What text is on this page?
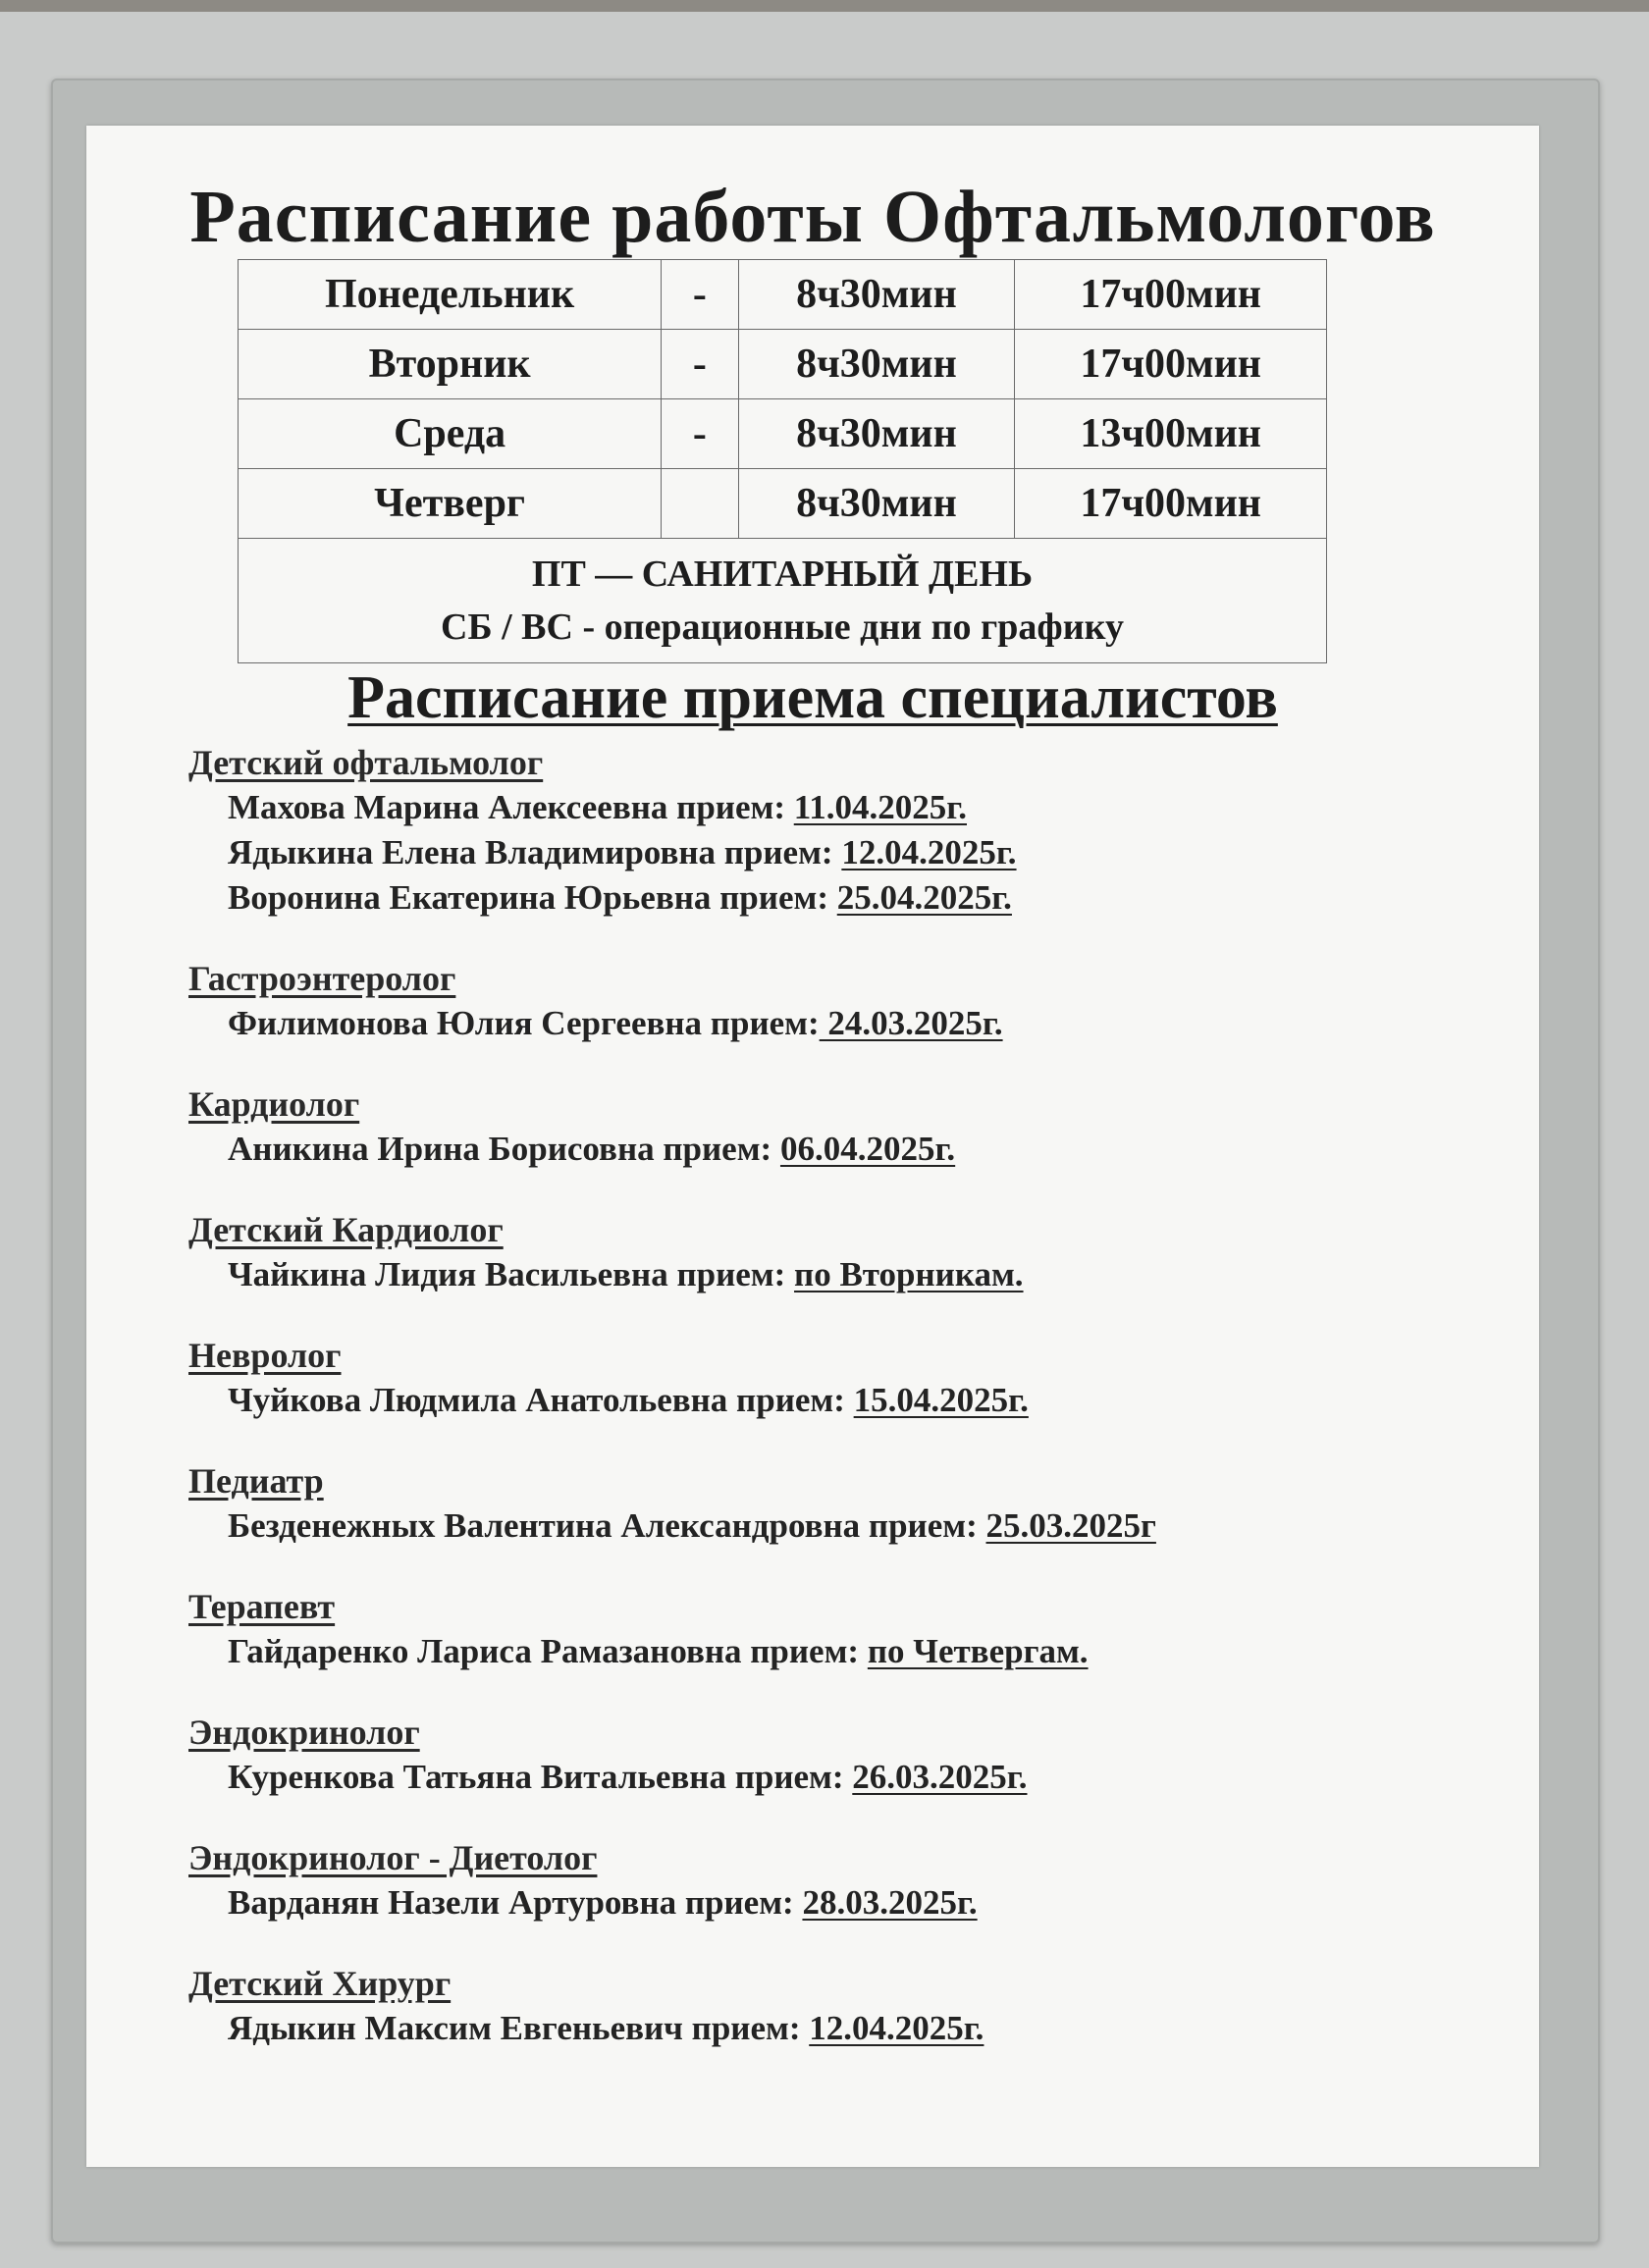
Расписание работы Офтальмологов
Понедельник	-	8ч30мин	17ч00мин
Вторник	-	8ч30мин	17ч00мин
Среда	-	8ч30мин	13ч00мин
Четверг		8ч30мин	17ч00мин

ПТ — САНИТАРНЫЙ ДЕНЬ
СБ / ВС - операционные дни по графику			
Расписание приема специалистов
Детский офтальмолог
Махова Марина Алексеевна прием: 11.04.2025г.
Ядыкина Елена Владимировна прием: 12.04.2025г.
Воронина Екатерина Юрьевна прием: 25.04.2025г.
Гастроэнтеролог
Филимонова Юлия Сергеевна прием: 24.03.2025г.
Кардиолог
Аникина Ирина Борисовна прием: 06.04.2025г.
Детский Кардиолог
Чайкина Лидия Васильевна прием: по Вторникам.
Невролог
Чуйкова Людмила Анатольевна прием: 15.04.2025г.
Педиатр
Безденежных Валентина Александровна прием: 25.03.2025г
Терапевт
Гайдаренко Лариса Рамазановна прием: по Четвергам.
Эндокринолог
Куренкова Татьяна Витальевна прием: 26.03.2025г.
Эндокринолог - Диетолог
Варданян Назели Артуровна прием: 28.03.2025г.
Детский Хирург
Ядыкин Максим Евгеньевич прием: 12.04.2025г.
